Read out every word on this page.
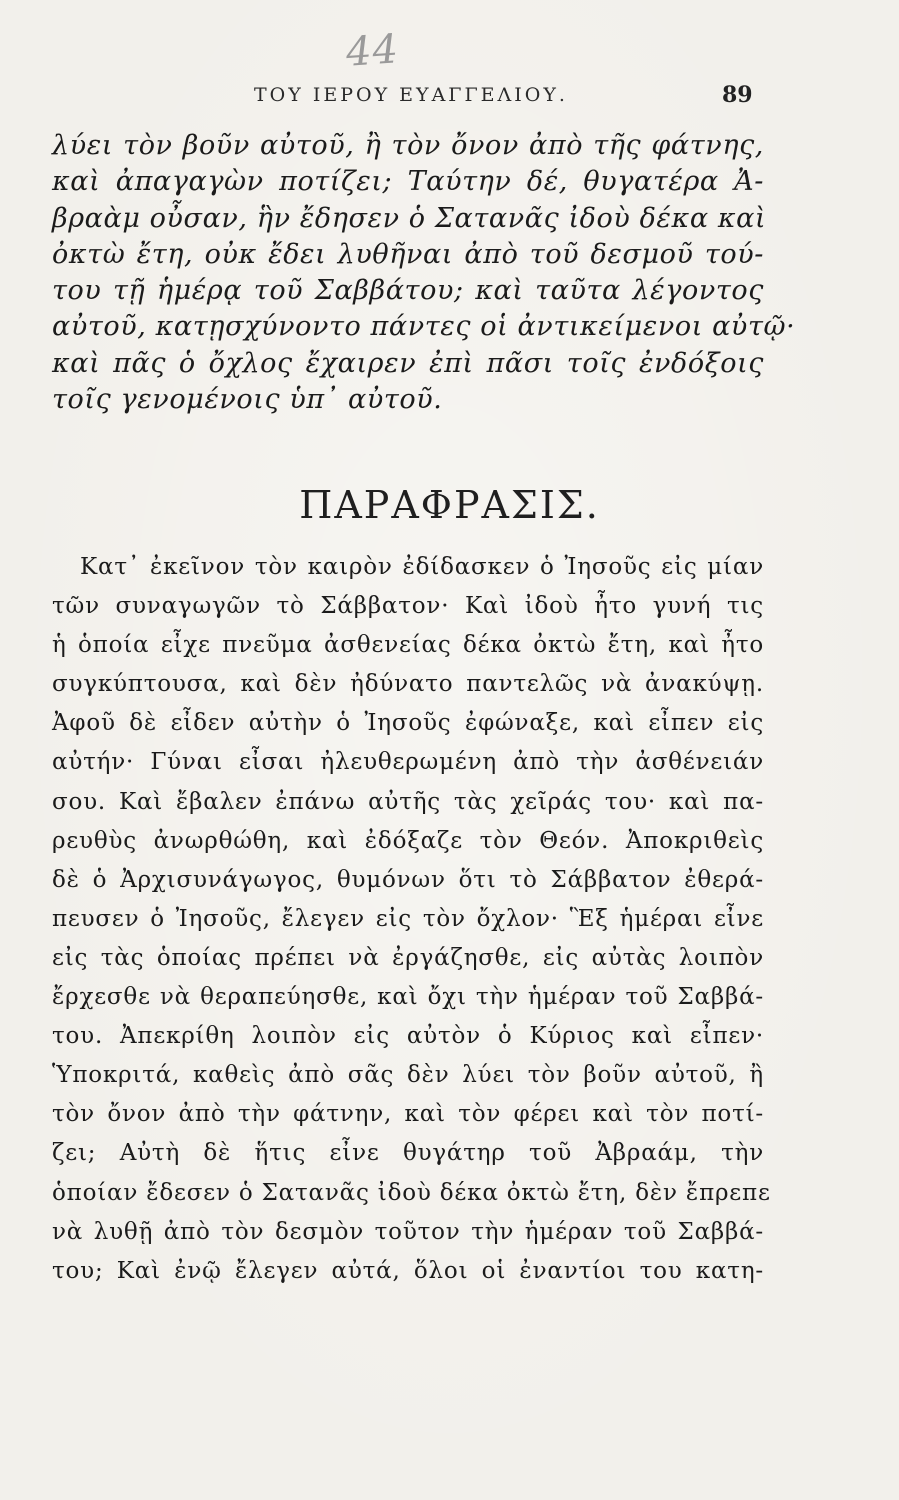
44
ΤΟΥ ΙΕΡΟΥ ΕΥΑΓΓΕΛΙΟΥ.	89
λύει τὸν βοῦν αὐτοῦ, ἢ τὸν ὄνον ἀπὸ τῆς φάτνης,
καὶ ἀπαγαγὼν ποτίζει; Ταύτην δέ, θυγατέρα Ἀ-
βραὰμ οὖσαν, ἣν ἔδησεν ὁ Σατανᾶς ἰδοὺ δέκα καὶ
ὀκτὼ ἔτη, οὐκ ἔδει λυθῆναι ἀπὸ τοῦ δεσμοῦ τού-
του τῇ ἡμέρᾳ τοῦ Σαββάτου; καὶ ταῦτα λέγοντος
αὐτοῦ, κατῃσχύνοντο πάντες οἱ ἀντικείμενοι αὐτῷ·
καὶ πᾶς ὁ ὄχλος ἔχαιρεν ἐπὶ πᾶσι τοῖς ἐνδόξοις
τοῖς γενομένοις ὑπ᾽ αὐτοῦ.
ΠΑΡΑΦΡΑΣΙΣ.
Κατ᾽ ἐκεῖνον τὸν καιρὸν ἐδίδασκεν ὁ Ἰησοῦς εἰς μίαν
τῶν συναγωγῶν τὸ Σάββατον· Καὶ ἰδοὺ ἦτο γυνή τις
ἡ ὁποία εἶχε πνεῦμα ἀσθενείας δέκα ὀκτὼ ἔτη, καὶ ἦτο
συγκύπτουσα, καὶ δὲν ἠδύνατο παντελῶς νὰ ἀνακύψῃ.
Ἀφοῦ δὲ εἶδεν αὐτὴν ὁ Ἰησοῦς ἐφώναξε, καὶ εἶπεν εἰς
αὐτήν· Γύναι εἶσαι ἠλευθερωμένη ἀπὸ τὴν ἀσθένειάν
σου. Καὶ ἔβαλεν ἐπάνω αὐτῆς τὰς χεῖράς του· καὶ πα-
ρευθὺς ἀνωρθώθη, καὶ ἐδόξαζε τὸν Θεόν. Ἀποκριθεὶς
δὲ ὁ Ἀρχισυνάγωγος, θυμόνων ὅτι τὸ Σάββατον ἐθερά-
πευσεν ὁ Ἰησοῦς, ἔλεγεν εἰς τὸν ὄχλον· Ἓξ ἡμέραι εἶνε
εἰς τὰς ὁποίας πρέπει νὰ ἐργάζησθε, εἰς αὐτὰς λοιπὸν
ἔρχεσθε νὰ θεραπεύησθε, καὶ ὄχι τὴν ἡμέραν τοῦ Σαββά-
του. Ἀπεκρίθη λοιπὸν εἰς αὐτὸν ὁ Κύριος καὶ εἶπεν·
Ὑποκριτά, καθεὶς ἀπὸ σᾶς δὲν λύει τὸν βοῦν αὐτοῦ, ἢ
τὸν ὄνον ἀπὸ τὴν φάτνην, καὶ τὸν φέρει καὶ τὸν ποτί-
ζει; Αὐτὴ δὲ ἥτις εἶνε θυγάτηρ τοῦ Ἀβραάμ, τὴν
ὁποίαν ἔδεσεν ὁ Σατανᾶς ἰδοὺ δέκα ὀκτὼ ἔτη, δὲν ἔπρεπε
νὰ λυθῇ ἀπὸ τὸν δεσμὸν τοῦτον τὴν ἡμέραν τοῦ Σαββά-
του; Καὶ ἐνῷ ἔλεγεν αὐτά, ὅλοι οἱ ἐναντίοι του κατη-
